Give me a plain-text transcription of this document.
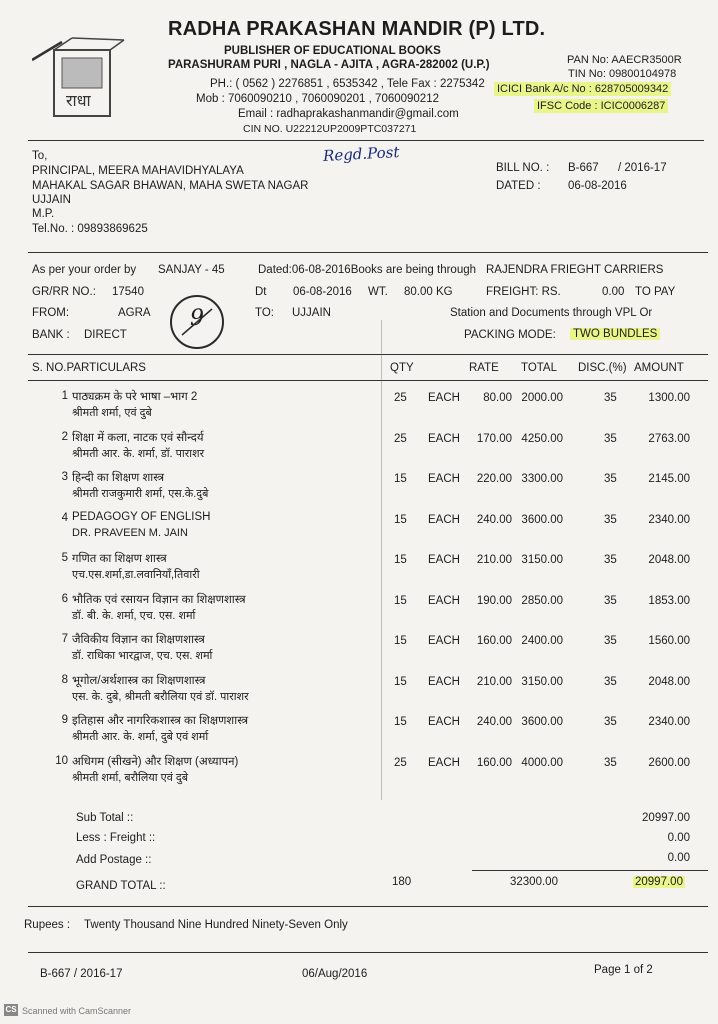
राधा
RADHA PRAKASHAN MANDIR (P) LTD.
PUBLISHER OF EDUCATIONAL BOOKS
PARASHURAM PURI , NAGLA - AJITA , AGRA-282002 (U.P.)
PH.: ( 0562 ) 2276851 , 6535342 , Tele Fax : 2275342
Mob : 7060090210 , 7060090201 , 7060090212
Email : radhaprakashanmandir@gmail.com
CIN NO. U22212UP2009PTC037271
PAN No: AAECR3500R
TIN No: 09800104978
ICICI Bank A/c No : 628705009342
IFSC Code : ICIC0006287
To,
PRINCIPAL, MEERA MAHAVIDHYALAYA
MAHAKAL SAGAR BHAWAN, MAHA SWETA NAGAR
UJJAIN
M.P.
Tel.No. : 09893869625
Regd.Post
BILL NO. : B-667 / 2016-17
DATED : 06-08-2016
As per your order by SANJAY - 45	Dated:06-08-2016Books are being through RAJENDRA FRIEGHT CARRIERS
GR/RR NO.: 17540	Dt 06-08-2016 WT. 80.00 KG	FREIGHT: RS.	0.00 TO PAY
FROM:	AGRA	TO: UJJAIN	Station and Documents through VPL Or
BANK : DIRECT	PACKING MODE: TWO BUNDLES
9
S. NO.PARTICULARS	QTY	RATE TOTAL DISC.(%) AMOUNT
1 पाठ्यक्रम के परे भाषा –भाग 2
श्रीमती शर्मा, एवं दुबे
25 EACH	80.00 2000.00	35	1300.00
2 शिक्षा में कला, नाटक एवं सौन्दर्य
श्रीमती आर. के. शर्मा, डॉ. पाराशर
25 EACH	170.00 4250.00	35	2763.00
3 हिन्दी का शिक्षण शास्त्र
श्रीमती राजकुमारी शर्मा, एस.के.दुबे
15 EACH	220.00 3300.00	35	2145.00
4 PEDAGOGY OF ENGLISH
DR. PRAVEEN M. JAIN
15 EACH	240.00 3600.00	35	2340.00
5 गणित का शिक्षण शास्त्र
एच.एस.शर्मा,डा.लवानियाँ,तिवारी
15 EACH	210.00 3150.00	35	2048.00
6 भौतिक एवं रसायन विज्ञान का शिक्षणशास्त्र
डॉ. बी. के. शर्मा, एच. एस. शर्मा
15 EACH	190.00 2850.00	35	1853.00
7 जैविकीय विज्ञान का शिक्षणशास्त्र
डॉ. राधिका भारद्वाज, एच. एस. शर्मा
15 EACH	160.00 2400.00	35	1560.00
8 भूगोल/अर्थशास्त्र का शिक्षणशास्त्र
एस. के. दुबे, श्रीमती बरौलिया एवं डॉ. पाराशर
15 EACH	210.00 3150.00	35	2048.00
9 इतिहास और नागरिकशास्त्र का शिक्षणशास्त्र
श्रीमती आर. के. शर्मा, दुबे एवं शर्मा
15 EACH	240.00 3600.00	35	2340.00
10 अधिगम (सीखने) और शिक्षण (अध्यापन)
श्रीमती शर्मा, बरौलिया एवं दुबे
25 EACH	160.00 4000.00	35	2600.00
Sub Total ::	20997.00
Less : Freight ::	0.00
Add Postage ::	0.00
GRAND TOTAL ::	180	32300.00	20997.00
Rupees : Twenty Thousand Nine Hundred Ninety-Seven Only
B-667 / 2016-17	06/Aug/2016	Page 1 of 2
CS Scanned with CamScanner
